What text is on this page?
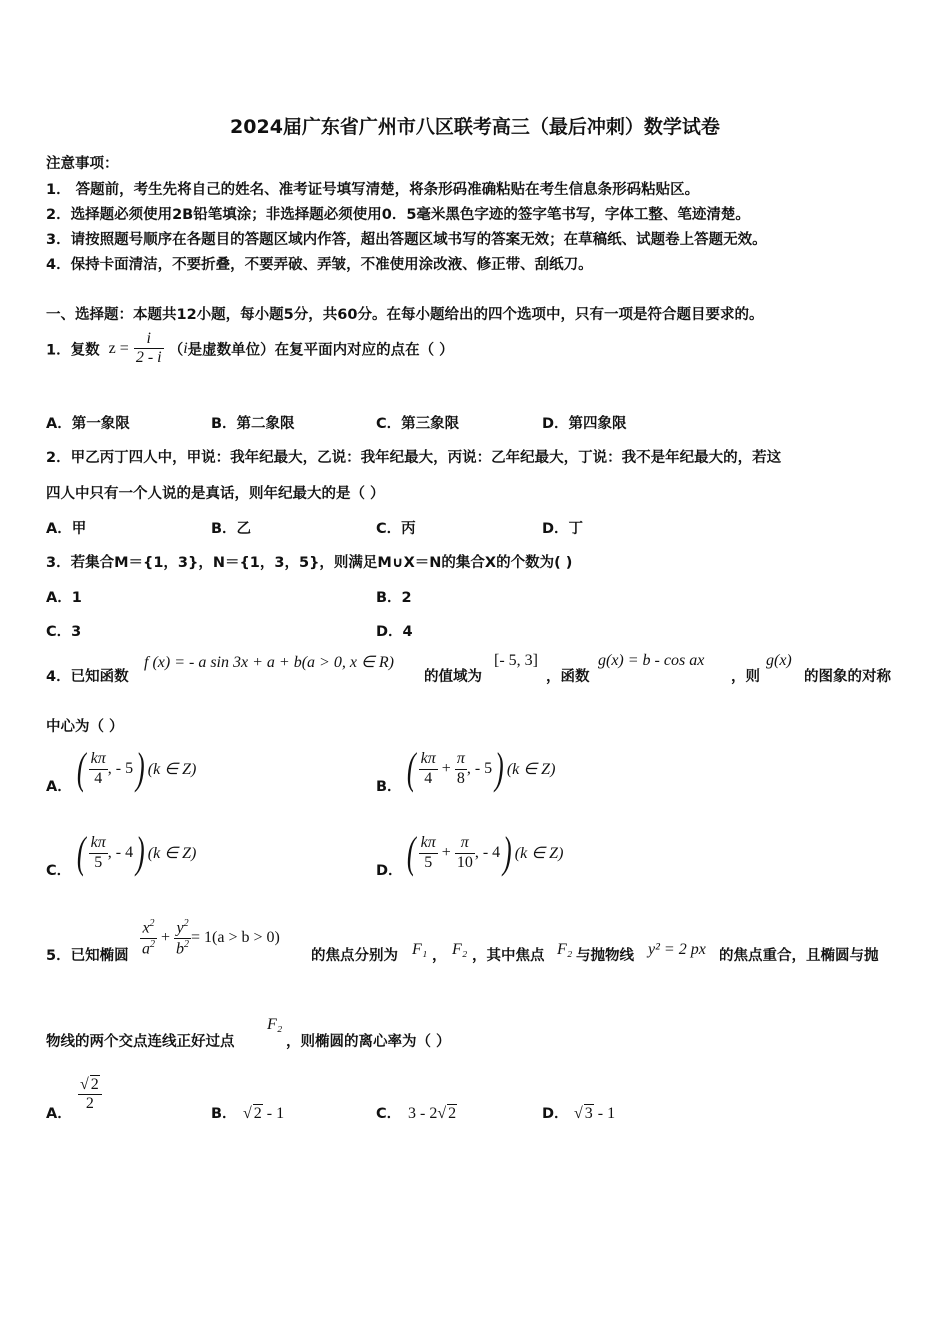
2024届广东省广州市八区联考高三（最后冲刺）数学试卷
注意事项：
1． 答题前，考生先将自己的姓名、准考证号填写清楚，将条形码准确粘贴在考生信息条形码粘贴区。
2．选择题必须使用2B铅笔填涂；非选择题必须使用0．5毫米黑色字迹的签字笔书写，字体工整、笔迹清楚。
3．请按照题号顺序在各题目的答题区域内作答，超出答题区域书写的答案无效；在草稿纸、试题卷上答题无效。
4．保持卡面清洁，不要折叠，不要弄破、弄皱，不准使用涂改液、修正带、刮纸刀。
一、选择题：本题共12小题，每小题5分，共60分。在每小题给出的四个选项中，只有一项是符合题目要求的。
1．复数 $z = \frac{i}{2 - i} (i$是虚数单位）在复平面内对应的点在（ ）
A．第一象限	B．第二象限	C．第三象限	D．第四象限
2．甲乙丙丁四人中，甲说：我年纪最大，乙说：我年纪最大，丙说：乙年纪最大，丁说：我不是年纪最大的，若这
四人中只有一个人说的是真话，则年纪最大的是（ ）
A．甲	B．乙	C．丙	D．丁
3．若集合M＝{1，3}，N＝{1，3，5}，则满足M∪X＝N的集合X的个数为( )
A．1	B．2
C．3	D．4
4．已知函数
f (x) = - a sin 3x + a + b(a > 0, x ∈ R)
的值域为
[- 5, 3]
，函数
g(x) = b - cos ax
，则
g(x)
的图象的对称
中心为（ ）
A． ( $\frac{k\pi}{4}$ , - 5) (k ∈ Z)
B． ( $\frac{k\pi}{4} + \frac{\pi}{8}$ , - 5) (k ∈ Z)
C． ( $\frac{k\pi}{5}$ , - 4) (k ∈ Z)
D． ( $\frac{k\pi}{5} + \frac{\pi}{10}$ , - 4) (k ∈ Z)
5．已知椭圆 $\frac{x^2}{a^2} + \frac{y^2}{b^2} = 1(a > b > 0)$
的焦点分别为 F₁ ， F₂ ，其中焦点 F₂ 与抛物线 y² = 2 px 的焦点重合，且椭圆与抛
物线的两个交点连线正好过点
F₂
，则椭圆的离心率为（ ）
A．
$\frac{√ 2}{2}$
B． √ 2 - 1	C． 3 - 2√ 2	D． √ 3 - 1
